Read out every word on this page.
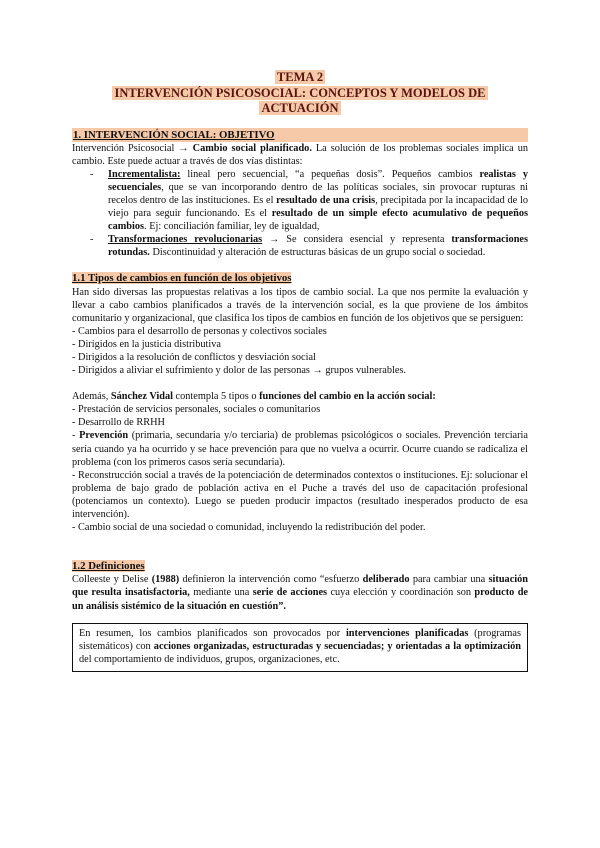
TEMA 2
INTERVENCIÓN PSICOSOCIAL: CONCEPTOS Y MODELOS DE
ACTUACIÓN
1. INTERVENCIÓN SOCIAL: OBJETIVO

Intervención Psicosocial → Cambio social planificado. La solución de los problemas sociales implica un cambio. Este puede actuar a través de dos vías distintas:

- Incrementalista: lineal pero secuencial, “a pequeñas dosis”. Pequeños cambios realistas y secuenciales, que se van incorporando dentro de las políticas sociales, sin provocar rupturas ni recelos dentro de las instituciones. Es el resultado de una crisis, precipitada por la incapacidad de lo viejo para seguir funcionando. Es el resultado de un simple efecto acumulativo de pequeños cambios. Ej: conciliación familiar, ley de igualdad,
- Transformaciones revolucionarias → Se considera esencial y representa transformaciones rotundas. Discontinuidad y alteración de estructuras básicas de un grupo social o sociedad.
1.1 Tipos de cambios en función de los objetivos

Han sido diversas las propuestas relativas a los tipos de cambio social. La que nos permite la evaluación y llevar a cabo cambios planificados a través de la intervención social, es la que proviene de los ámbitos comunitario y organizacional, que clasifica los tipos de cambios en función de los objetivos que se persiguen:

- Cambios para el desarrollo de personas y colectivos sociales

- Dirigidos en la justicia distributiva

- Dirigidos a la resolución de conflictos y desviación social

- Dirigidos a aliviar el sufrimiento y dolor de las personas → grupos vulnerables.

Además, Sánchez Vidal contempla 5 tipos o funciones del cambio en la acción social:

- Prestación de servicios personales, sociales o comunitarios

- Desarrollo de RRHH

- Prevención (primaria, secundaria y/o terciaria) de problemas psicológicos o sociales. Prevención terciaria sería cuando ya ha ocurrido y se hace prevención para que no vuelva a ocurrir. Ocurre cuando se radicaliza el problema (con los primeros casos sería secundaria).

- Reconstrucción social a través de la potenciación de determinados contextos o instituciones. Ej: solucionar el problema de bajo grado de población activa en el Puche a través del uso de capacitación profesional (potenciamos un contexto). Luego se pueden producir impactos (resultado inesperados producto de esa intervención).

- Cambio social de una sociedad o comunidad, incluyendo la redistribución del poder.

1.2 Definiciones

Colleeste y Delise (1988) definieron la intervención como “esfuerzo deliberado para cambiar una situación que resulta insatisfactoria, mediante una serie de acciones cuya elección y coordinación son producto de un análisis sistémico de la situación en cuestión”.

En resumen, los cambios planificados son provocados por intervenciones planificadas (programas sistemáticos) con acciones organizadas, estructuradas y secuenciadas; y orientadas a la optimización del comportamiento de individuos, grupos, organizaciones, etc.
